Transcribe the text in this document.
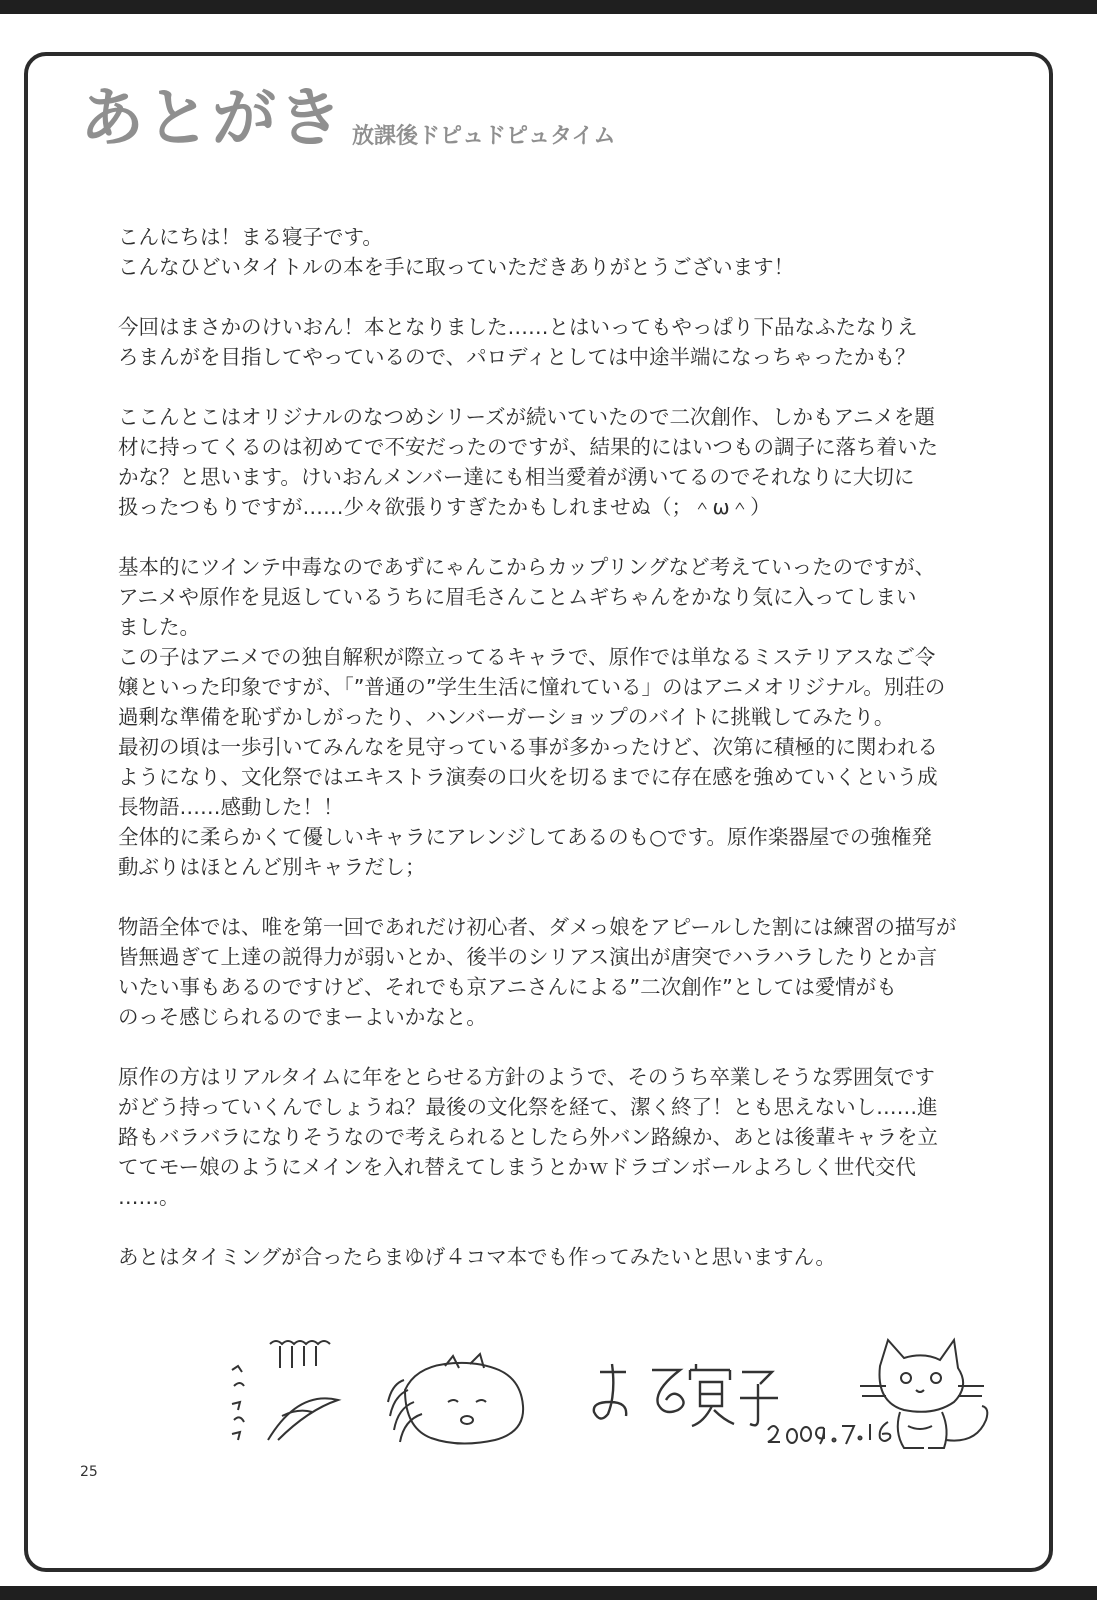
あとがき 放課後ドピュドピュタイム
こんにちは！まる寝子です。
こんなひどいタイトルの本を手に取っていただきありがとうございます！
今回はまさかのけいおん！本となりました……とはいってもやっぱり下品なふたなりえ
ろまんがを目指してやっているので、パロディとしては中途半端になっちゃったかも？
ここんとこはオリジナルのなつめシリーズが続いていたので二次創作、しかもアニメを題
材に持ってくるのは初めてで不安だったのですが、結果的にはいつもの調子に落ち着いた
かな？と思います。けいおんメンバー達にも相当愛着が湧いてるのでそれなりに大切に
扱ったつもりですが……少々欲張りすぎたかもしれませぬ（；＾ω＾）
基本的にツインテ中毒なのであずにゃんこからカップリングなど考えていったのですが、
アニメや原作を見返しているうちに眉毛さんことムギちゃんをかなり気に入ってしまい
ました。
この子はアニメでの独自解釈が際立ってるキャラで、原作では単なるミステリアスなご令
嬢といった印象ですが、「”普通の”学生生活に憧れている」のはアニメオリジナル。別荘の
過剰な準備を恥ずかしがったり、ハンバーガーショップのバイトに挑戦してみたり。
最初の頃は一歩引いてみんなを見守っている事が多かったけど、次第に積極的に関われる
ようになり、文化祭ではエキストラ演奏の口火を切るまでに存在感を強めていくという成
長物語……感動した！！
全体的に柔らかくて優しいキャラにアレンジしてあるのも○です。原作楽器屋での強権発
動ぶりはほとんど別キャラだし；
物語全体では、唯を第一回であれだけ初心者、ダメっ娘をアピールした割には練習の描写が
皆無過ぎて上達の説得力が弱いとか、後半のシリアス演出が唐突でハラハラしたりとか言
いたい事もあるのですけど、それでも京アニさんによる”二次創作”としては愛情がも
のっそ感じられるのでまーよいかなと。
原作の方はリアルタイムに年をとらせる方針のようで、そのうち卒業しそうな雰囲気です
がどう持っていくんでしょうね？最後の文化祭を経て、潔く終了！とも思えないし……進
路もバラバラになりそうなので考えられるとしたら外バン路線か、あとは後輩キャラを立
ててモー娘のようにメインを入れ替えてしまうとかｗドラゴンボールよろしく世代交代
……。
あとはタイミングが合ったらまゆげ４コマ本でも作ってみたいと思いますん。
25
